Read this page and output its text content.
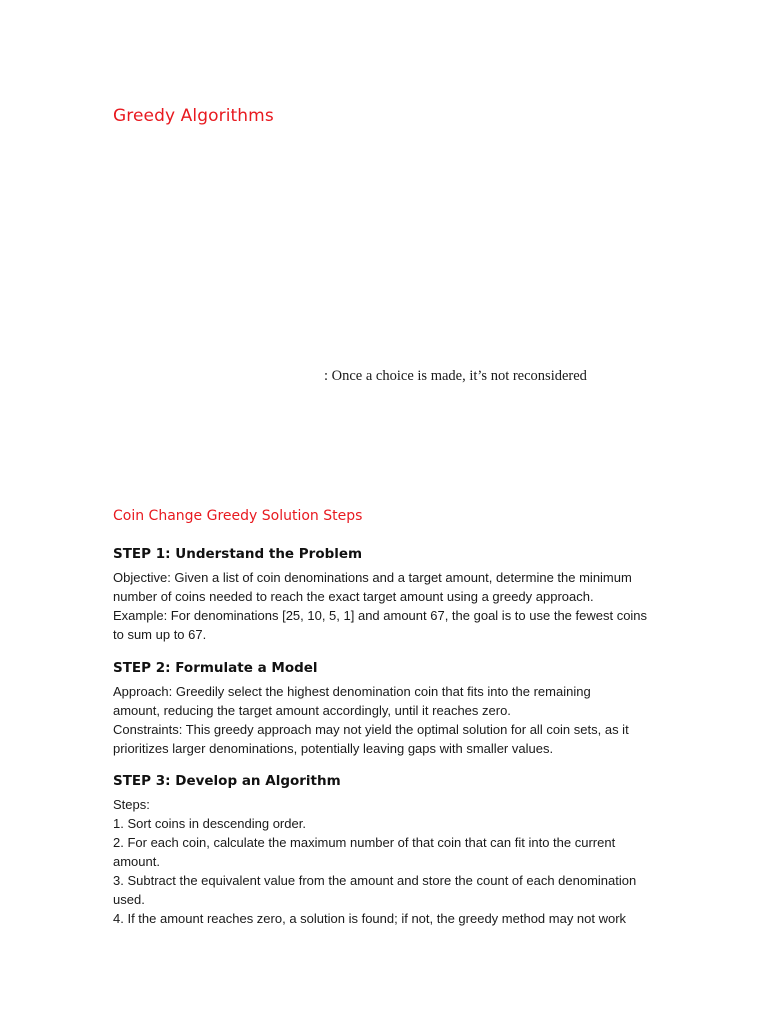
Greedy Algorithms
: Once a choice is made, it’s not reconsidered
Coin Change Greedy Solution Steps
STEP 1: Understand the Problem

Objective: Given a list of coin denominations and a target amount, determine the minimum

number of coins needed to reach the exact target amount using a greedy approach.

Example: For denominations [25, 10, 5, 1] and amount 67, the goal is to use the fewest coins

to sum up to 67.

STEP 2: Formulate a Model

Approach: Greedily select the highest denomination coin that fits into the remaining

amount, reducing the target amount accordingly, until it reaches zero.

Constraints: This greedy approach may not yield the optimal solution for all coin sets, as it

prioritizes larger denominations, potentially leaving gaps with smaller values.

STEP 3: Develop an Algorithm

Steps:

1. Sort coins in descending order.

2. For each coin, calculate the maximum number of that coin that can fit into the current

amount.

3. Subtract the equivalent value from the amount and store the count of each denomination

used.

4. If the amount reaches zero, a solution is found; if not, the greedy method may not work
